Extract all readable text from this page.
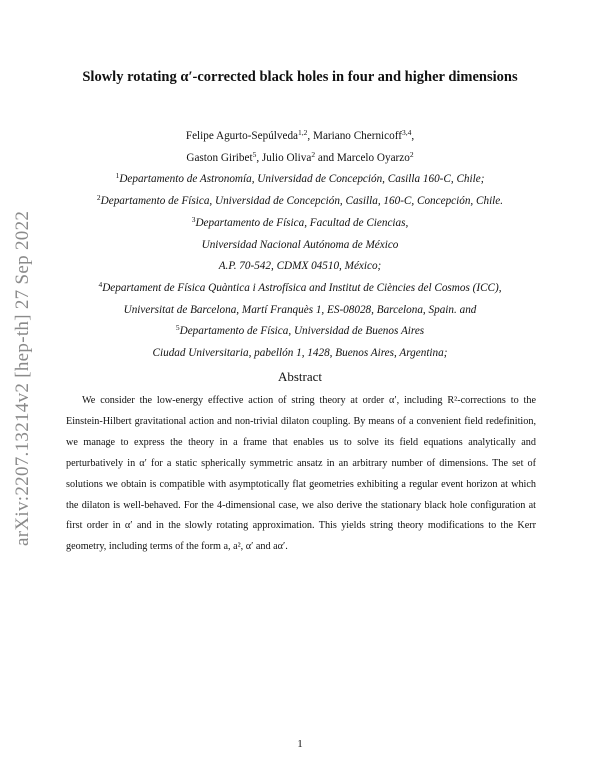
arXiv:2207.13214v2 [hep-th] 27 Sep 2022
Slowly rotating α′-corrected black holes in four and higher dimensions
Felipe Agurto-Sepúlveda$^{1,2}$, Mariano Chernicoff$^{3,4}$,
Gaston Giribet$^5$, Julio Oliva$^2$ and Marcelo Oyarzo$^2$
$^1$Departamento de Astronomía, Universidad de Concepción, Casilla 160-C, Chile;
$^2$Departamento de Física, Universidad de Concepción, Casilla, 160-C, Concepción, Chile.
$^3$Departamento de Física, Facultad de Ciencias,
Universidad Nacional Autónoma de México
A.P. 70-542, CDMX 04510, México;
$^4$Departament de Física Quàntica i Astrofísica and Institut de Ciències del Cosmos (ICC),
Universitat de Barcelona, Martí Franquès 1, ES-08028, Barcelona, Spain. and
$^5$Departamento de Física, Universidad de Buenos Aires
Ciudad Universitaria, pabellón 1, 1428, Buenos Aires, Argentina;
Abstract
We consider the low-energy effective action of string theory at order α′, including R²-corrections to the Einstein-Hilbert gravitational action and non-trivial dilaton coupling. By means of a convenient field redefinition, we manage to express the theory in a frame that enables us to solve its field equations analytically and perturbatively in α′ for a static spherically symmetric ansatz in an arbitrary number of dimensions. The set of solutions we obtain is compatible with asymptotically flat geometries exhibiting a regular event horizon at which the dilaton is well-behaved. For the 4-dimensional case, we also derive the stationary black hole configuration at first order in α′ and in the slowly rotating approximation. This yields string theory modifications to the Kerr geometry, including terms of the form a, a², α′ and aα′.
1
